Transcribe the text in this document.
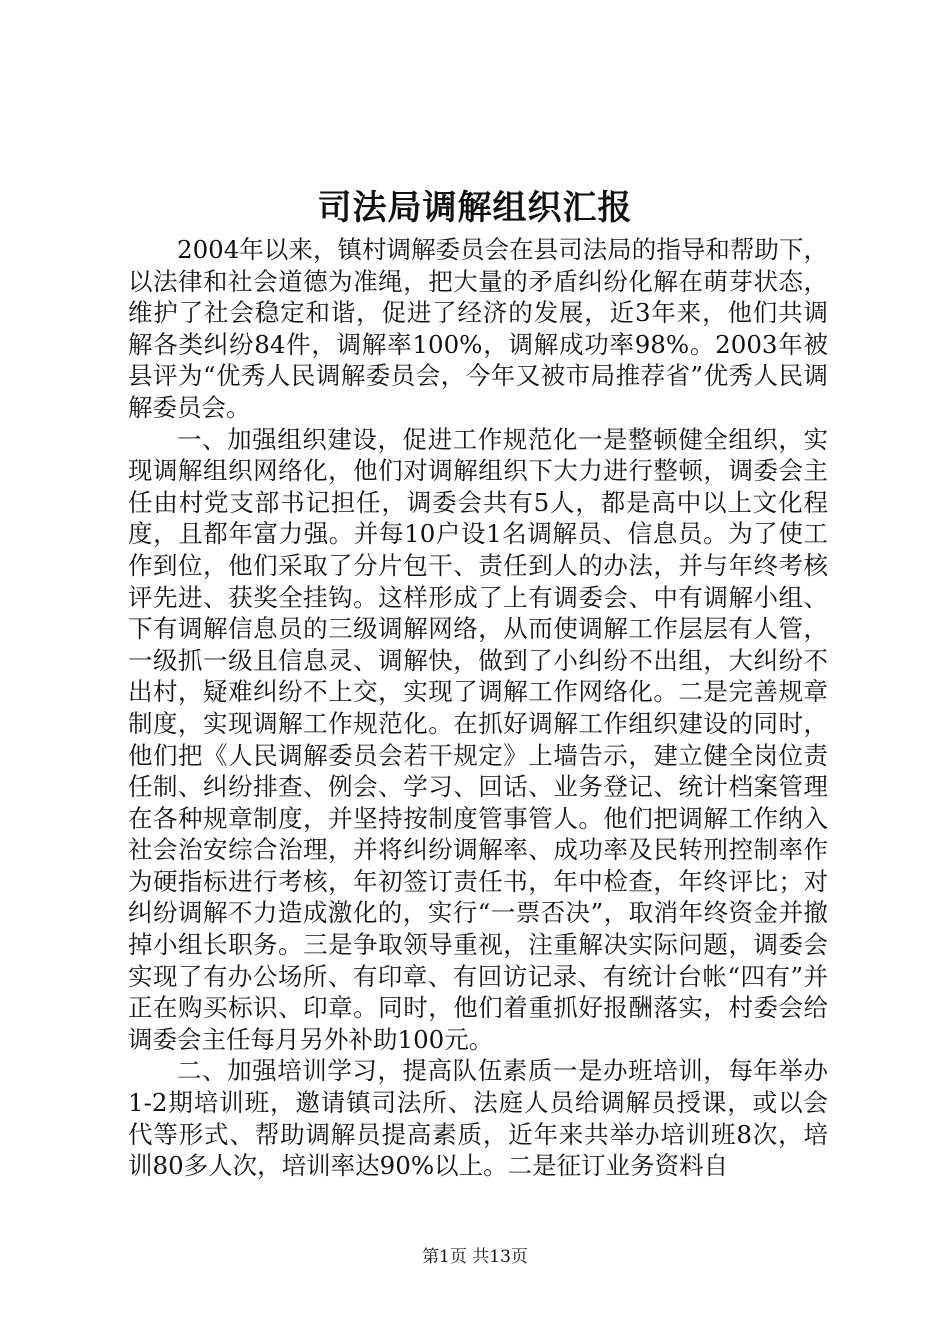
司法局调解组织汇报

2004年以来，镇村调解委员会在县司法局的指导和帮助下，以法律和社会道德为准绳，把大量的矛盾纠纷化解在萌芽状态，维护了社会稳定和谐，促进了经济的发展，近3年来，他们共调解各类纠纷84件，调解率100%，调解成功率98%。2003年被县评为“优秀人民调解委员会，今年又被市局推荐省”优秀人民调解委员会。

一、加强组织建设，促进工作规范化一是整顿健全组织，实现调解组织网络化，他们对调解组织下大力进行整顿，调委会主任由村党支部书记担任，调委会共有5人，都是高中以上文化程度，且都年富力强。并每10户设1名调解员、信息员。为了使工作到位，他们采取了分片包干、责任到人的办法，并与年终考核评先进、获奖全挂钩。这样形成了上有调委会、中有调解小组、下有调解信息员的三级调解网络，从而使调解工作层层有人管，一级抓一级且信息灵、调解快，做到了小纠纷不出组，大纠纷不出村，疑难纠纷不上交，实现了调解工作网络化。二是完善规章制度，实现调解工作规范化。在抓好调解工作组织建设的同时，他们把《人民调解委员会若干规定》上墙告示，建立健全岗位责任制、纠纷排查、例会、学习、回话、业务登记、统计档案管理在各种规章制度，并坚持按制度管事管人。他们把调解工作纳入社会治安综合治理，并将纠纷调解率、成功率及民转刑控制率作为硬指标进行考核，年初签订责任书，年中检查，年终评比；对纠纷调解不力造成激化的，实行“一票否决”，取消年终资金并撤掉小组长职务。三是争取领导重视，注重解决实际问题，调委会实现了有办公场所、有印章、有回访记录、有统计台帐“四有”并正在购买标识、印章。同时，他们着重抓好报酬落实，村委会给调委会主任每月另外补助100元。

二、加强培训学习，提高队伍素质一是办班培训，每年举办1-2期培训班，邀请镇司法所、法庭人员给调解员授课，或以会代等形式、帮助调解员提高素质，近年来共举办培训班8次，培训80多人次，培训率达90%以上。二是征订业务资料自

第1页 共13页
